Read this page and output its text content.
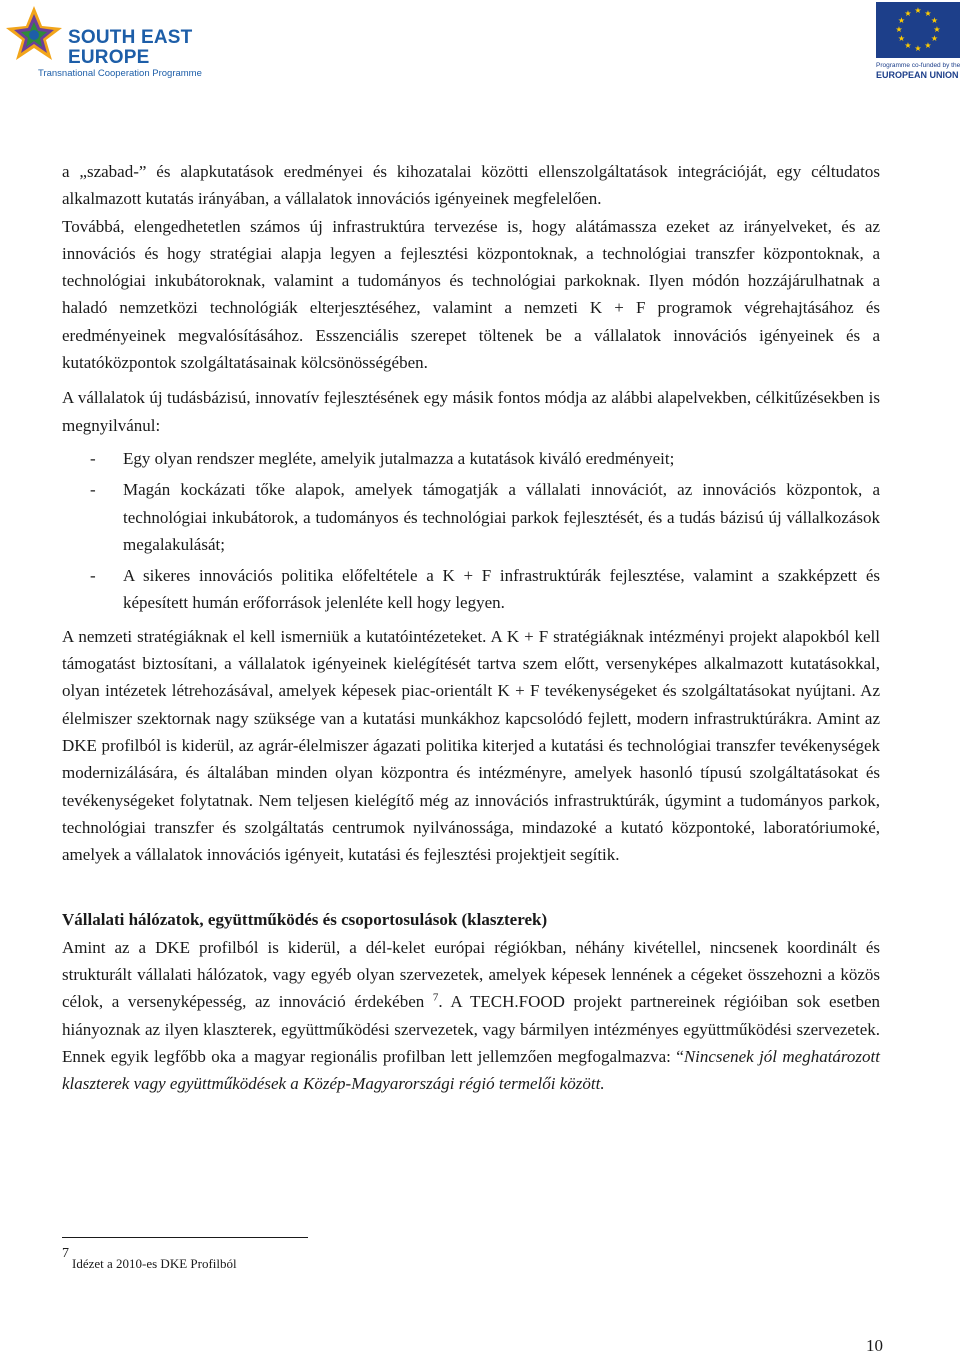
SOUTH EAST
EUROPE
Transnational Cooperation Programme
★ ★
★
★
★
★
★
★
★
★
★
★
Programme co-funded by the
EUROPEAN UNION

a „szabad-” és alapkutatások eredményei és kihozatalai közötti ellenszolgáltatások integrációját, egy céltudatos alkalmazott kutatás irányában, a vállalatok innovációs igényeinek megfelelően.

Továbbá, elengedhetetlen számos új infrastruktúra tervezése is, hogy alátámassza ezeket az irányelveket, és az innovációs és hogy stratégiai alapja legyen a fejlesztési központoknak, a technológiai transzfer központoknak, a technológiai inkubátoroknak, valamint a tudományos és technológiai parkoknak. Ilyen módón hozzájárulhatnak a haladó nemzetközi technológiák elterjesztéséhez, valamint a nemzeti K + F programok végrehajtásához és eredményeinek megvalósításához. Esszenciális szerepet töltenek be a vállalatok innovációs igényeinek és a kutatóközpontok szolgáltatásainak kölcsönösségében.

A vállalatok új tudásbázisú, innovatív fejlesztésének egy másik fontos módja az alábbi alapelvekben, célkitűzésekben is megnyilvánul:

- Egy olyan rendszer megléte, amelyik jutalmazza a kutatások kiváló eredményeit;
- Magán kockázati tőke alapok, amelyek támogatják a vállalati innovációt, az innovációs központok, a technológiai inkubátorok, a tudományos és technológiai parkok fejlesztését, és a tudás bázisú új vállalkozások megalakulását;
- A sikeres innovációs politika előfeltétele a K + F infrastruktúrák fejlesztése, valamint a szakképzett és képesített humán erőforrások jelenléte kell hogy legyen.

A nemzeti stratégiáknak el kell ismerniük a kutatóintézeteket. A K + F stratégiáknak intézményi projekt alapokból kell támogatást biztosítani, a vállalatok igényeinek kielégítését tartva szem előtt, versenyképes alkalmazott kutatásokkal, olyan intézetek létrehozásával, amelyek képesek piac-orientált K + F tevékenységeket és szolgáltatásokat nyújtani. Az élelmiszer szektornak nagy szüksége van a kutatási munkákhoz kapcsolódó fejlett, modern infrastruktúrákra. Amint az DKE profilból is kiderül, az agrár-élelmiszer ágazati politika kiterjed a kutatási és technológiai transzfer tevékenységek modernizálására, és általában minden olyan központra és intézményre, amelyek hasonló típusú szolgáltatásokat és tevékenységeket folytatnak. Nem teljesen kielégítő még az innovációs infrastruktúrák, úgymint a tudományos parkok, technológiai transzfer és szolgáltatás centrumok nyilvánossága, mindazoké a kutató központoké, laboratóriumoké, amelyek a vállalatok innovációs igényeit, kutatási és fejlesztési projektjeit segítik.

Vállalati hálózatok, együttműködés és csoportosulások (klaszterek)

Amint az a DKE profilból is kiderül, a dél-kelet európai régiókban, néhány kivétellel, nincsenek koordinált és strukturált vállalati hálózatok, vagy egyéb olyan szervezetek, amelyek képesek lennének a cégeket összehozni a közös célok, a versenyképesség, az innováció érdekében $^7$. A TECH.FOOD projekt partnereinek régióiban sok esetben hiányoznak az ilyen klaszterek, együttműködési szervezetek, vagy bármilyen intézményes együttműködési szervezetek. Ennek egyik legfőbb oka a magyar regionális profilban lett jellemzően megfogalmazva: “Nincsenek jól meghatározott klaszterek vagy együttműködések a Közép-Magyarországi régió termelői között.

7
Idézet a 2010-es DKE Profilból
10
